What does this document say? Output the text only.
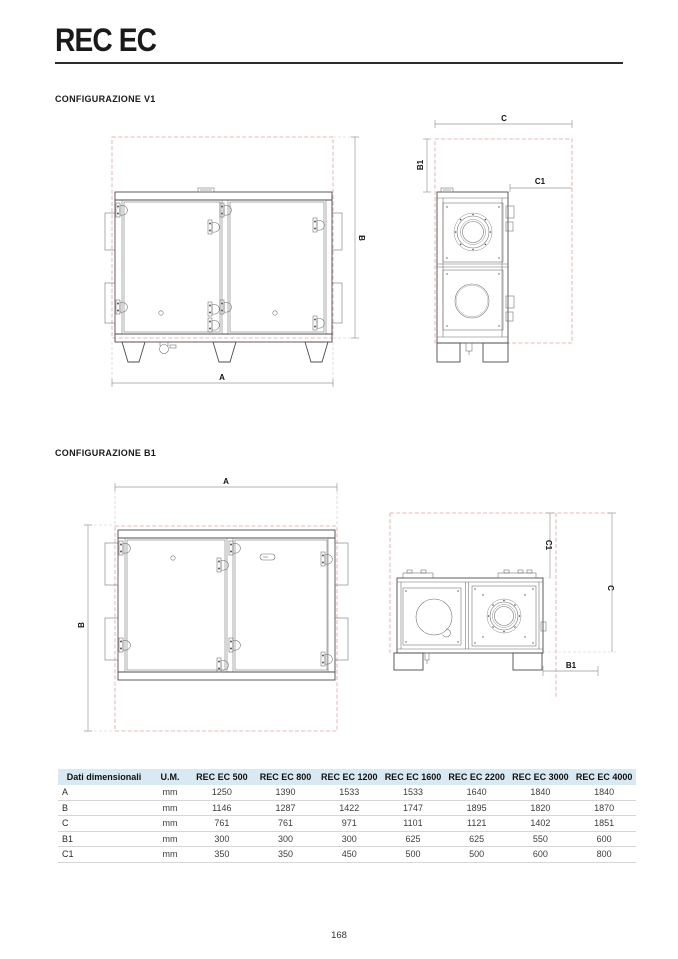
REC EC
CONFIGURAZIONE V1
CONFIGURAZIONE B1
A
B
C
B1
C1
A
B
C1
C
B1
Dati dimensionali	U.M.	REC EC 500	REC EC 800	REC EC 1200	REC EC 1600	REC EC 2200	REC EC 3000	REC EC 4000
A	mm	1250	1390	1533	1533	1640	1840	1840
B	mm	1146	1287	1422	1747	1895	1820	1870
C	mm	761	761	971	1101	1121	1402	1851
B1	mm	300	300	300	625	625	550	600
C1	mm	350	350	450	500	500	600	800
168
